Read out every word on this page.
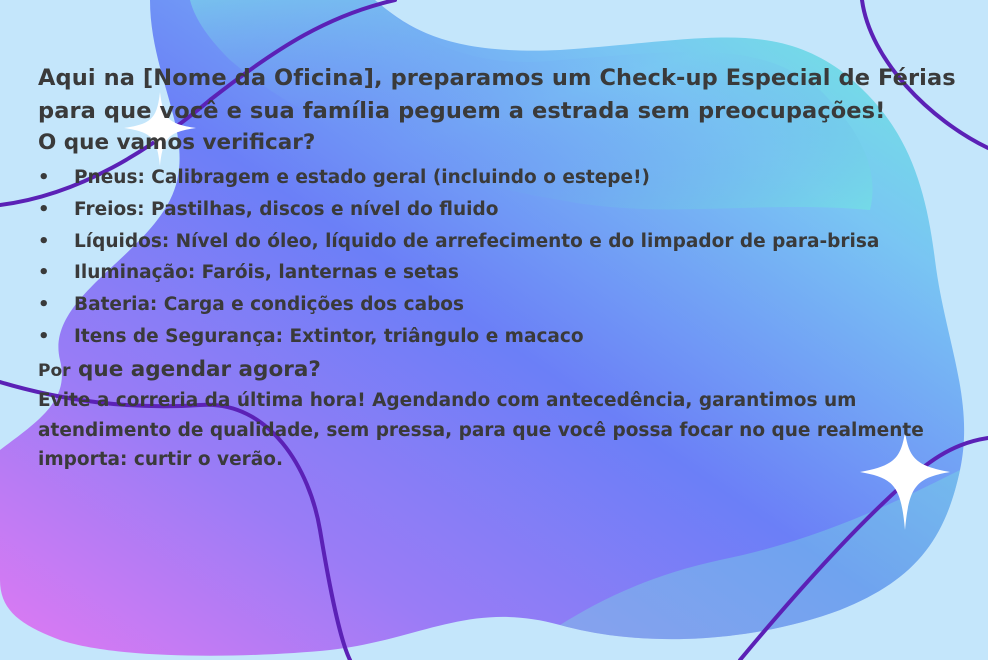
Aqui na [Nome da Oficina], preparamos um Check-up Especial de Férias para que você e sua família peguem a estrada sem preocupações!

O que vamos verificar?
• Pneus: Calibragem e estado geral (incluindo o estepe!)
• Freios: Pastilhas, discos e nível do fluido
• Líquidos: Nível do óleo, líquido de arrefecimento e do limpador de para-brisa
• Iluminação: Faróis, lanternas e setas
• Bateria: Carga e condições dos cabos
• Itens de Segurança: Extintor, triângulo e macaco
Por que agendar agora?

Evite a correria da última hora! Agendando com antecedência, garantimos um atendimento de qualidade, sem pressa, para que você possa focar no que realmente importa: curtir o verão.
